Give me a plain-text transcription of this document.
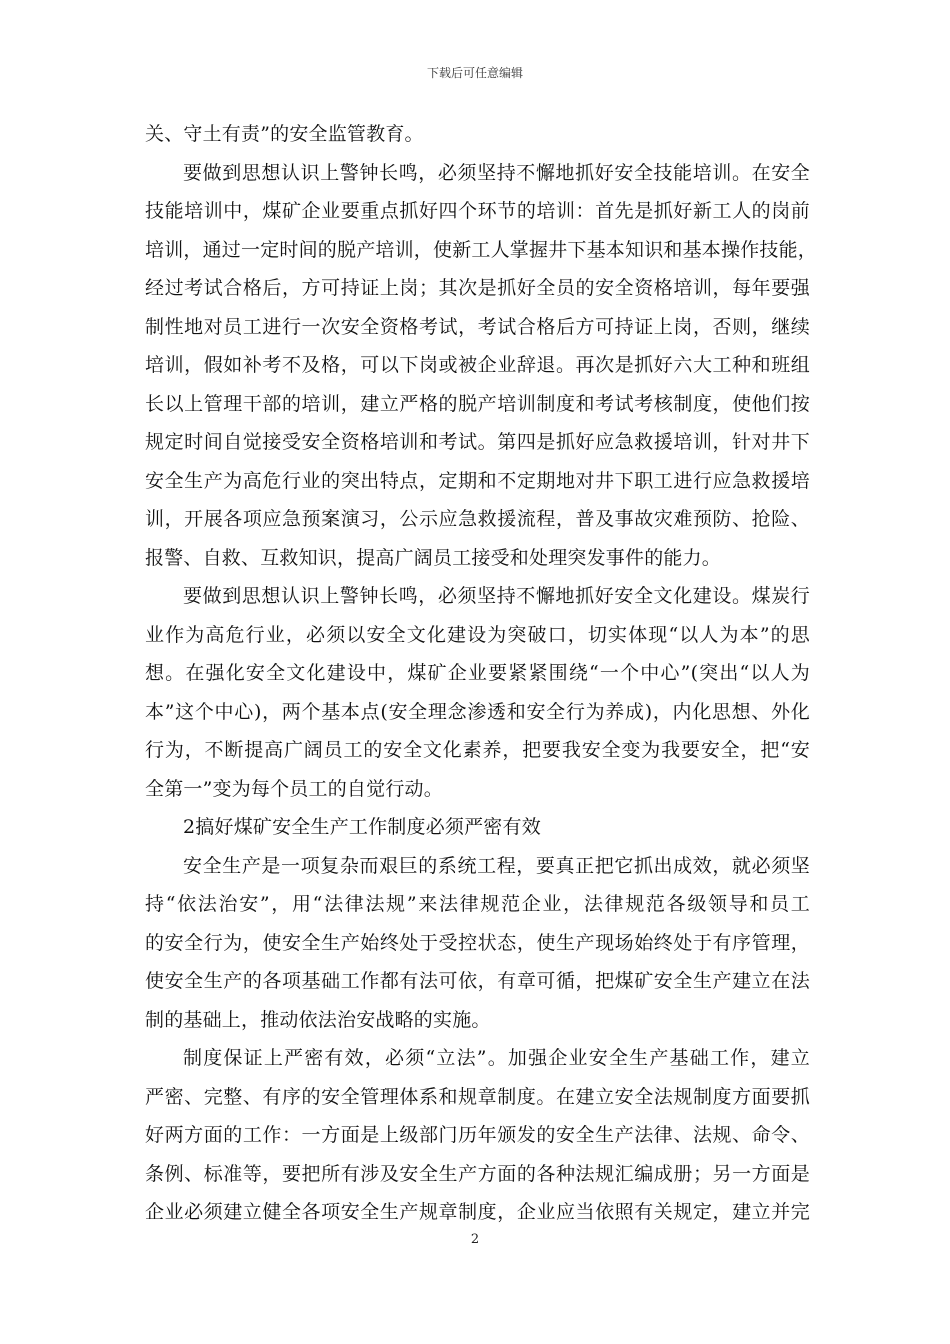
下载后可任意编辑
关、守土有责”的安全监管教育。
要做到思想认识上警钟长鸣，必须坚持不懈地抓好安全技能培训。在安全
技能培训中，煤矿企业要重点抓好四个环节的培训：首先是抓好新工人的岗前
培训，通过一定时间的脱产培训，使新工人掌握井下基本知识和基本操作技能，
经过考试合格后，方可持证上岗；其次是抓好全员的安全资格培训，每年要强
制性地对员工进行一次安全资格考试，考试合格后方可持证上岗，否则，继续
培训，假如补考不及格，可以下岗或被企业辞退。再次是抓好六大工种和班组
长以上管理干部的培训，建立严格的脱产培训制度和考试考核制度，使他们按
规定时间自觉接受安全资格培训和考试。第四是抓好应急救援培训，针对井下
安全生产为高危行业的突出特点，定期和不定期地对井下职工进行应急救援培
训，开展各项应急预案演习，公示应急救援流程，普及事故灾难预防、抢险、
报警、自救、互救知识，提高广阔员工接受和处理突发事件的能力。
要做到思想认识上警钟长鸣，必须坚持不懈地抓好安全文化建设。煤炭行
业作为高危行业，必须以安全文化建设为突破口，切实体现“以人为本”的思
想。在强化安全文化建设中，煤矿企业要紧紧围绕“一个中心”(突出“以人为
本”这个中心)，两个基本点(安全理念渗透和安全行为养成)，内化思想、外化
行为，不断提高广阔员工的安全文化素养，把要我安全变为我要安全，把“安
全第一”变为每个员工的自觉行动。
2搞好煤矿安全生产工作制度必须严密有效
安全生产是一项复杂而艰巨的系统工程，要真正把它抓出成效，就必须坚
持“依法治安”，用“法律法规”来法律规范企业，法律规范各级领导和员工
的安全行为，使安全生产始终处于受控状态，使生产现场始终处于有序管理，
使安全生产的各项基础工作都有法可依，有章可循，把煤矿安全生产建立在法
制的基础上，推动依法治安战略的实施。
制度保证上严密有效，必须“立法”。加强企业安全生产基础工作，建立
严密、完整、有序的安全管理体系和规章制度。在建立安全法规制度方面要抓
好两方面的工作：一方面是上级部门历年颁发的安全生产法律、法规、命令、
条例、标准等，要把所有涉及安全生产方面的各种法规汇编成册；另一方面是
企业必须建立健全各项安全生产规章制度，企业应当依照有关规定，建立并完
2
